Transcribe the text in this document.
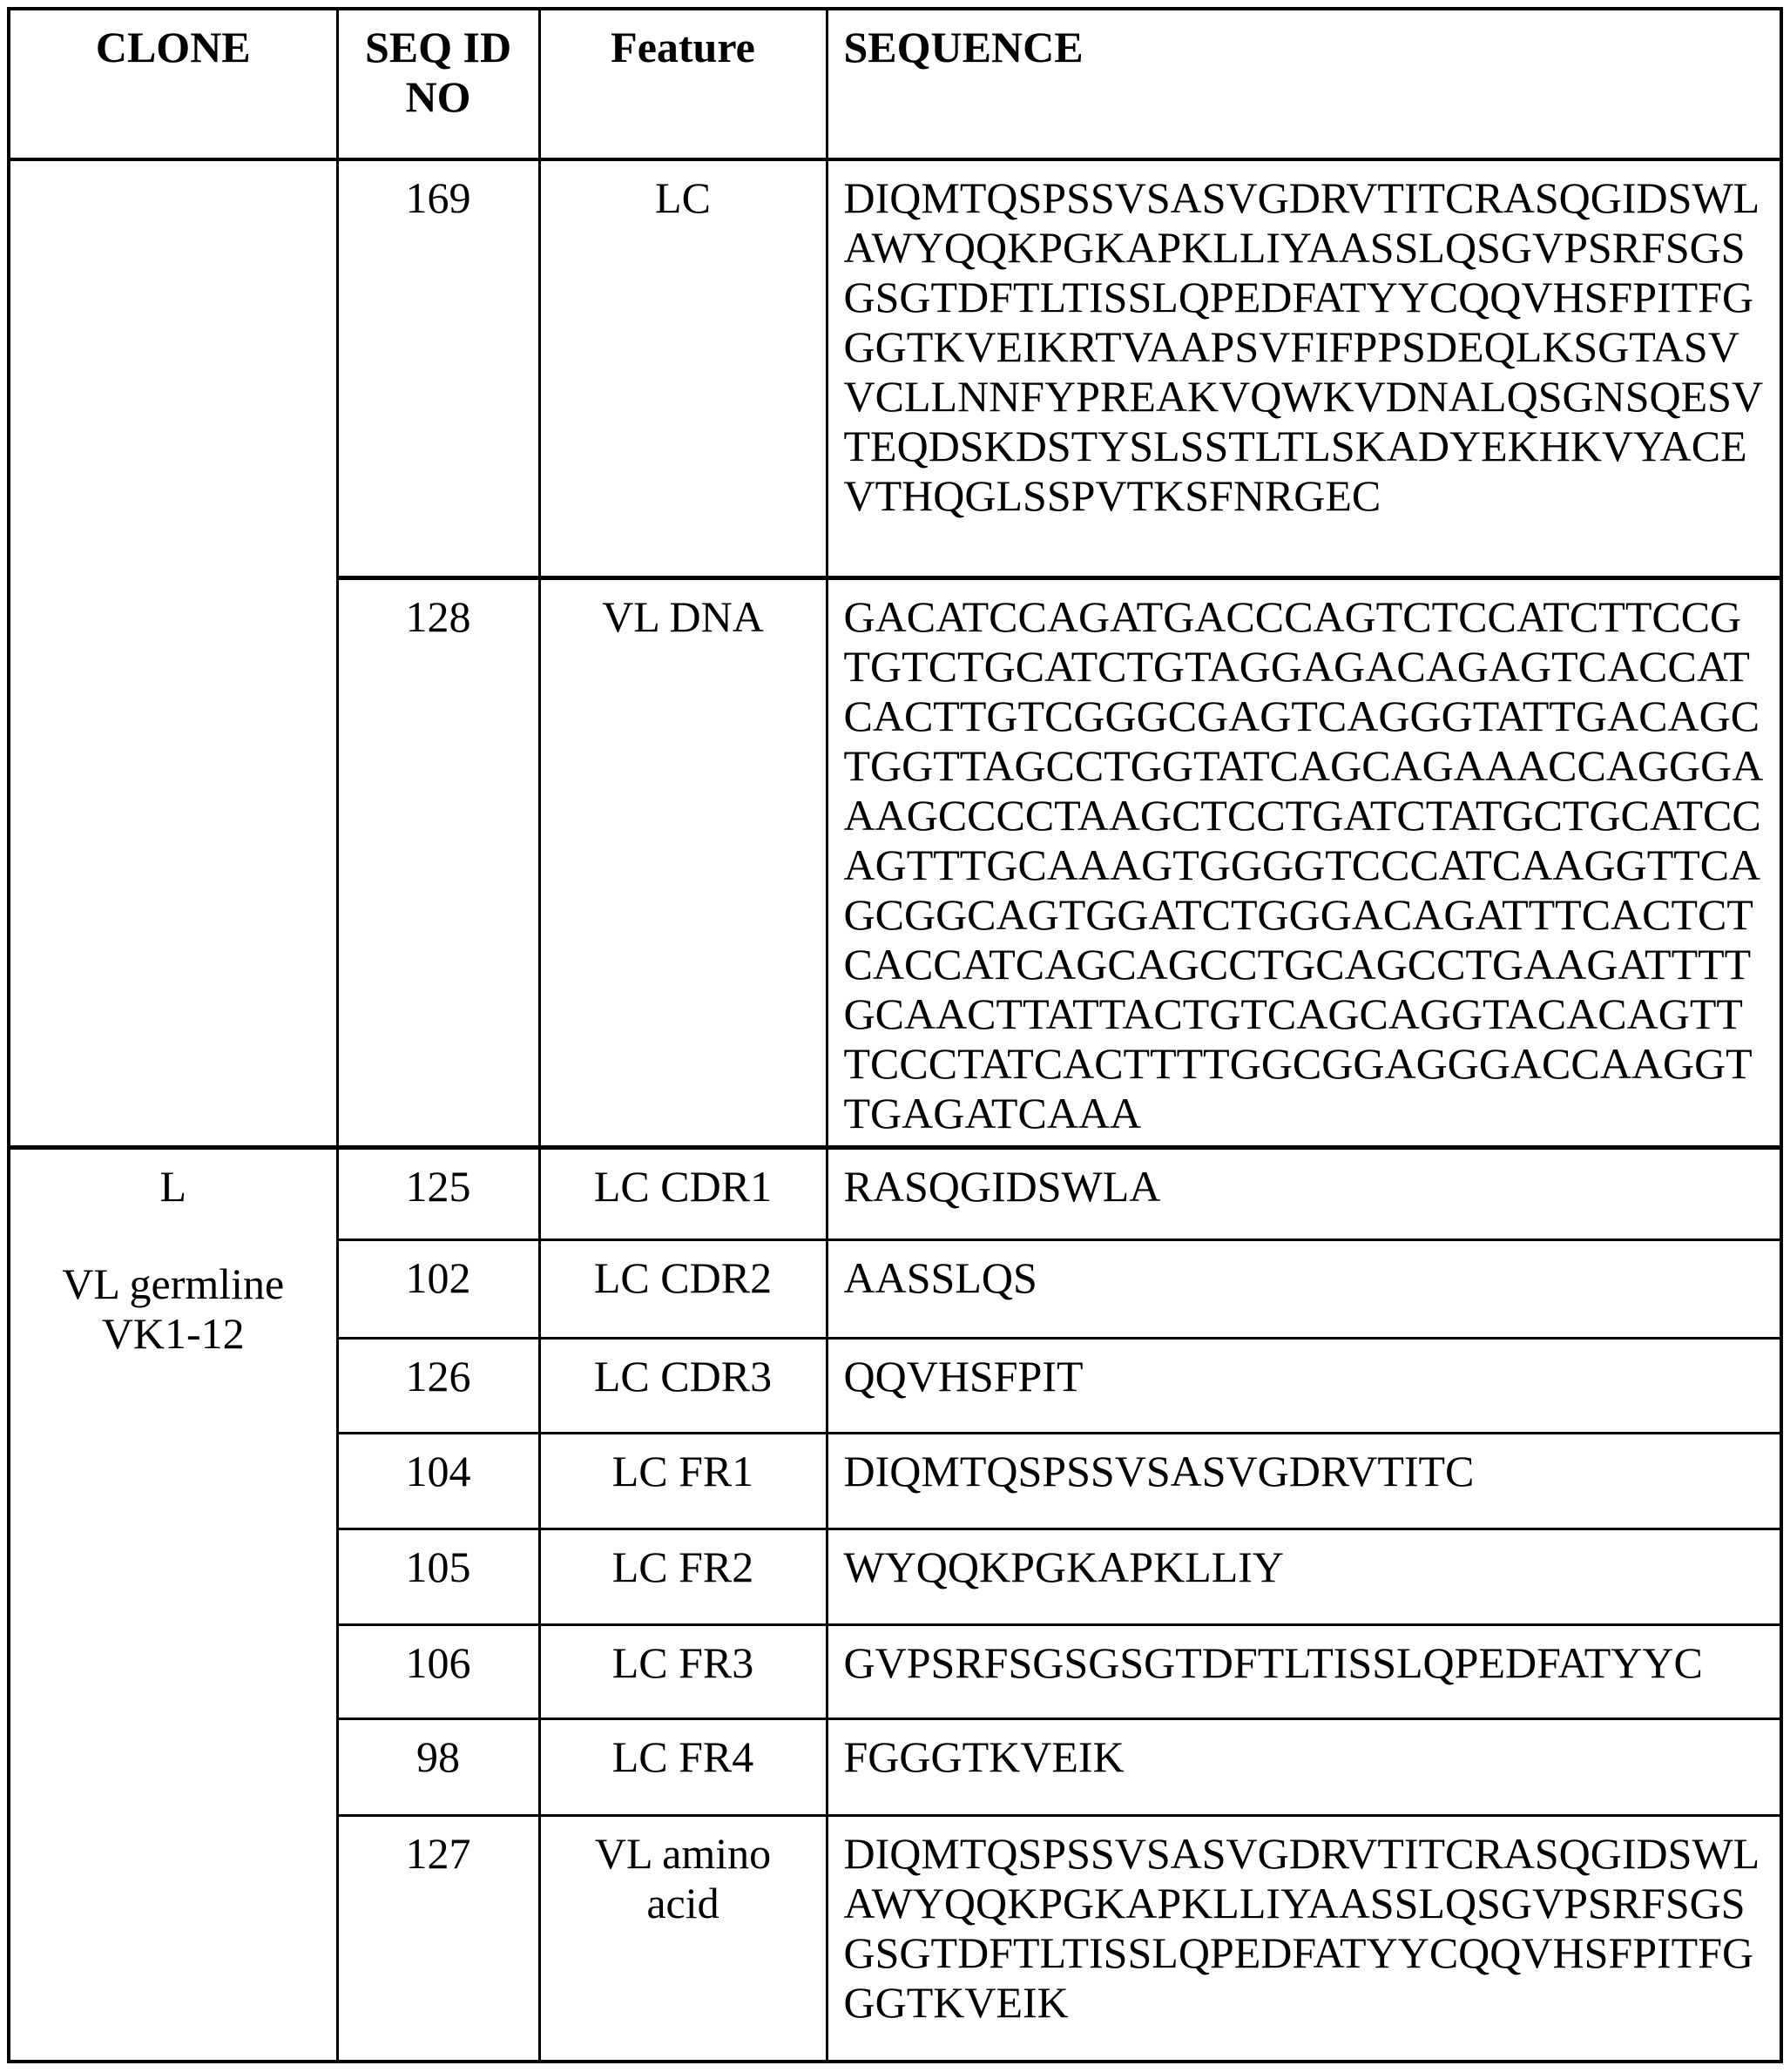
CLONE	SEQ ID NO	Feature	SEQUENCE

	169	LC	DIQMTQSPSSVSASVGDRVTITCRASQGIDSWLAWYQQKPGKAPKLLIYAASSLQSGVPSRFSGSGSGTDFTLTISSLQPEDFATYYCQQVHSFPITFGGGTKVEIKRTVAAPSVFIFPPSDEQLKSGTASVVCLLNNFYPREAKVQWKVDNALQSGNSQESVTEQDSKDSTYSLSSTLTLSKADYEKHKVYACEVTHQGLSSPVTKSFNRGEC
	128	VL DNA	GACATCCAGATGACCCAGTCTCCATCTTCCGTGTCTGCATCTGTAGGAGACAGAGTCACCATCACTTGTCGGGCGAGTCAGGGTATTGACAGCTGGTTAGCCTGGTATCAGCAGAAACCAGGGAAAGCCCCTAAGCTCCTGATCTATGCTGCATCCAGTTTGCAAAGTGGGGTCCCATCAAGGTTCAGCGGCAGTGGATCTGGGACAGATTTCACTCTCACCATCAGCAGCCTGCAGCCTGAAGATTTTGCAACTTATTACTGTCAGCAGGTACACAGTTTCCCTATCACTTTTGGCGGAGGGACCAAGGTTGAGATCAAA

L
VL germline VK1-12	125	LC CDR1	RASQGIDSWLA
	102	LC CDR2	AASSLQS
	126	LC CDR3	QQVHSFPIT
	104	LC FR1	DIQMTQSPSSVSASVGDRVTITC
	105	LC FR2	WYQQKPGKAPKLLIY
	106	LC FR3	GVPSRFSGSGSGTDFTLTISSLQPEDFATYYC
	98	LC FR4	FGGGTKVEIK
	127	VL amino acid	DIQMTQSPSSVSASVGDRVTITCRASQGIDSWLAWYQQKPGKAPKLLIYAASSLQSGVPSRFSGSGSGTDFTLTISSLQPEDFATYYCQQVHSFPITFGGGTKVEIK
